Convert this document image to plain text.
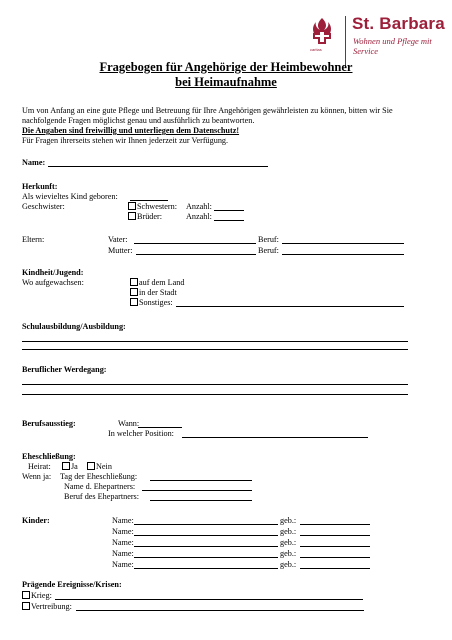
caritas
St. Barbara
Wohnen und Pflege mit Service
Fragebogen für Angehörige der Heimbewohner
bei Heimaufnahme
Um von Anfang an eine gute Pflege und Betreuung für Ihre Angehörigen gewährleisten zu können, bitten wir Sie nachfolgende Fragen möglichst genau und ausführlich zu beantworten.
Die Angaben sind freiwillig und unterliegen dem Datenschutz!
Für Fragen ihrerseits stehen wir Ihnen jederzeit zur Verfügung.
Name:
Herkunft:
Als wievieltes Kind geboren:
Geschwister:	Schwestern: Anzahl:
Brüder:	Anzahl:
Eltern:	Vater:	Beruf:
Mutter:	Beruf:
Kindheit/Jugend:
Wo aufgewachsen:	auf dem Land
in der Stadt
Sonstiges:
Schulausbildung/Ausbildung:
Beruflicher Werdegang:
Berufsausstieg:	Wann:
In welcher Position:
Eheschließung:
Heirat:	Ja	Nein
Wenn ja: Tag der Eheschließung:
Name d. Ehepartners:
Beruf des Ehepartners:
Kinder:	Name:	geb.:
Name:	geb.:
Name:	geb.:
Name:	geb.:
Name:	geb.:
Prägende Ereignisse/Krisen:
Krieg:
Vertreibung:
